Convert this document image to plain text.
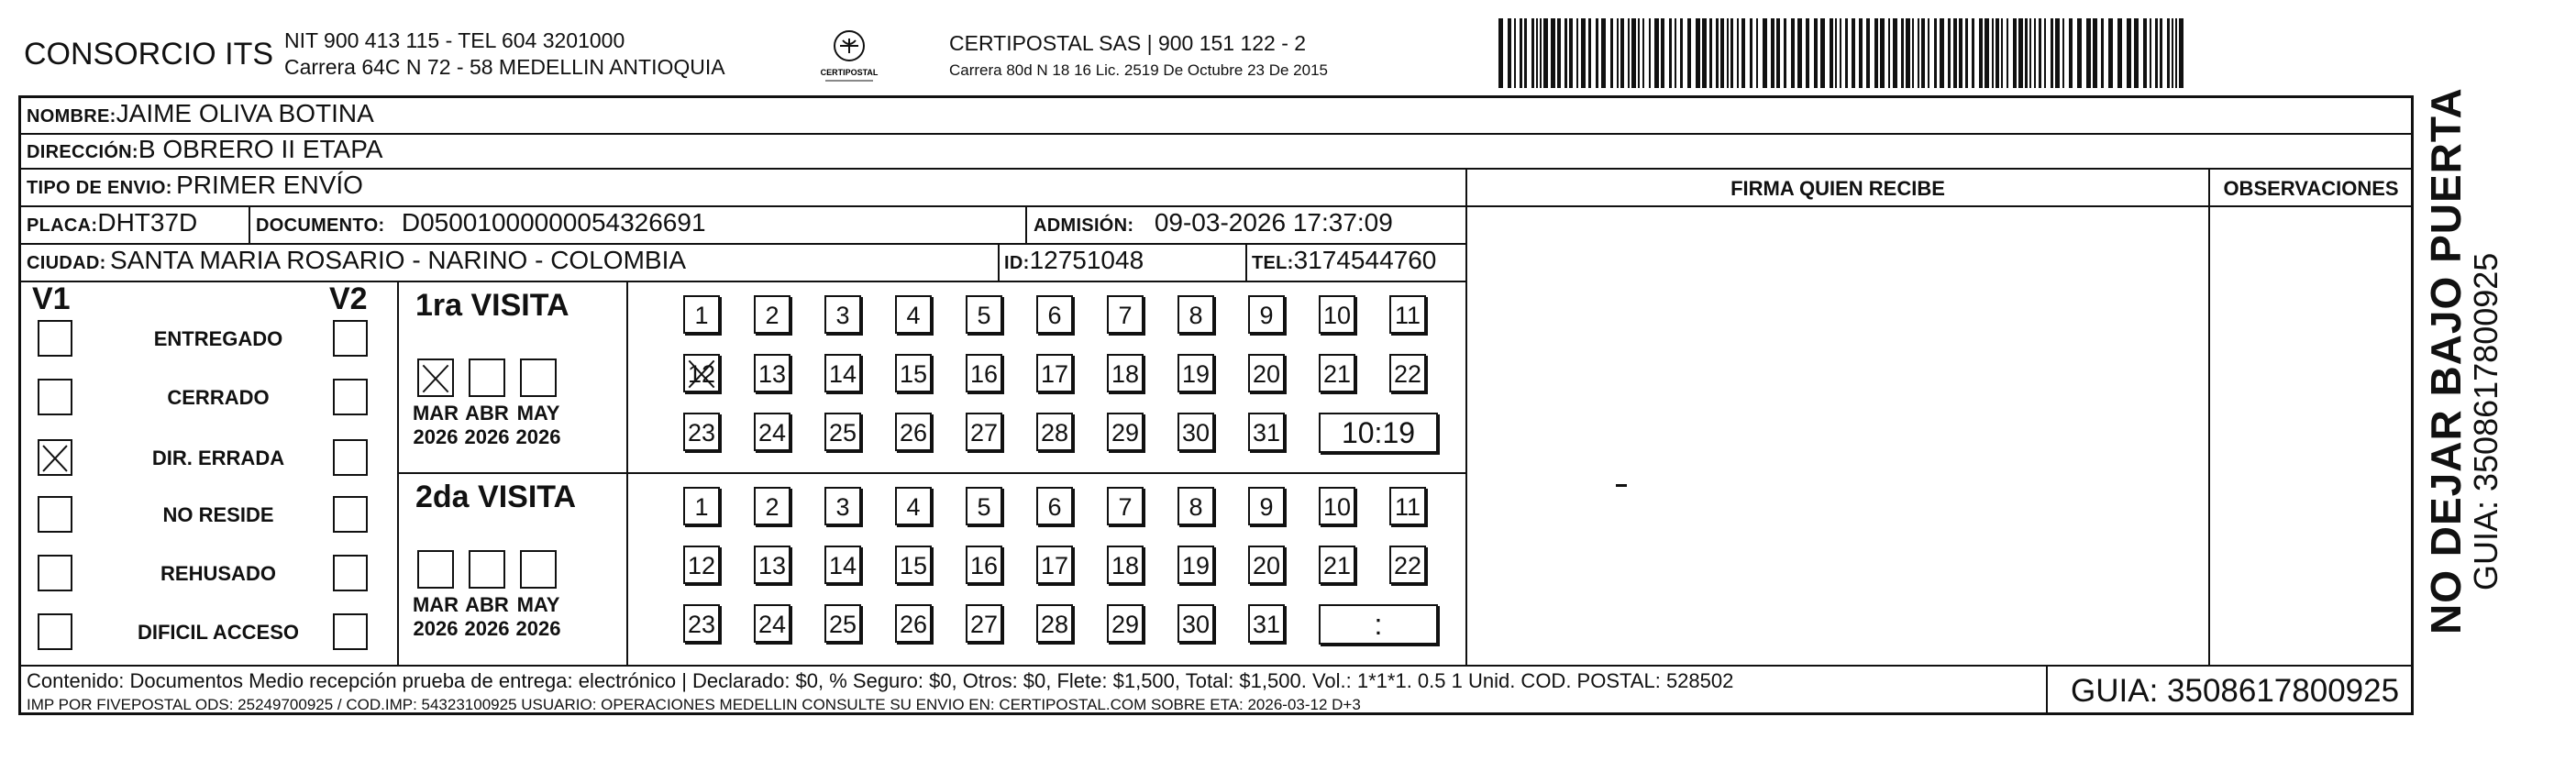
CONSORCIO ITS NIT 900 413 115 - TEL 604 3201000
Carrera 64C N 72 - 58 MEDELLIN ANTIOQUIA	CERTIPOSTAL
CERTIPOSTAL SAS | 900 151 122 - 2
Carrera 80d N 18 16 Lic. 2519 De Octubre 23 De 2015
NOMBRE:JAIME OLIVA BOTINA
DIRECCIÓN:B OBRERO II ETAPA
TIPO DE ENVIO: PRIMER ENVÍO	FIRMA QUIEN RECIBE	OBSERVACIONES
PLACA:DHT37D	DOCUMENTO: D05001000000054326691	ADMISIÓN: 09-03-2026 17:37:09
CIUDAD: SANTA MARIA ROSARIO - NARINO - COLOMBIA	ID:12751048	TEL:3174544760
V1	V2
ENTREGADO
CERRADO
DIR. ERRADA
NO RESIDE
REHUSADO
DIFICIL ACCESO
1ra VISITA
MAR
2026
ABR
2026
MAY
2026
1	2	3	4	5	6	7	8	9	10 11
12 13 14 15 16 17 18 19 20 21 22
23 24 25 26 27 28 29 30 31	10:19
2da VISITA
MAR
2026
ABR
2026
MAY
2026
1	2	3	4	5	6	7	8	9	10 11
12 13 14 15 16 17 18 19 20 21 22
23 24 25 26 27 28 29 30 31	:
Contenido: Documentos Medio recepción prueba de entrega: electrónico | Declarado: $0, % Seguro: $0, Otros: $0, Flete: $1,500, Total: $1,500. Vol.: 1*1*1. 0.5 1 Unid. COD. POSTAL: 528502
IMP POR FIVEPOSTAL ODS: 25249700925 / COD.IMP: 54323100925 USUARIO: OPERACIONES MEDELLIN CONSULTE SU ENVIO EN: CERTIPOSTAL.COM SOBRE ETA: 2026-03-12 D+3	GUIA: 3508617800925
NO DEJAR BAJO PUERTA
GUIA: 3508617800925
